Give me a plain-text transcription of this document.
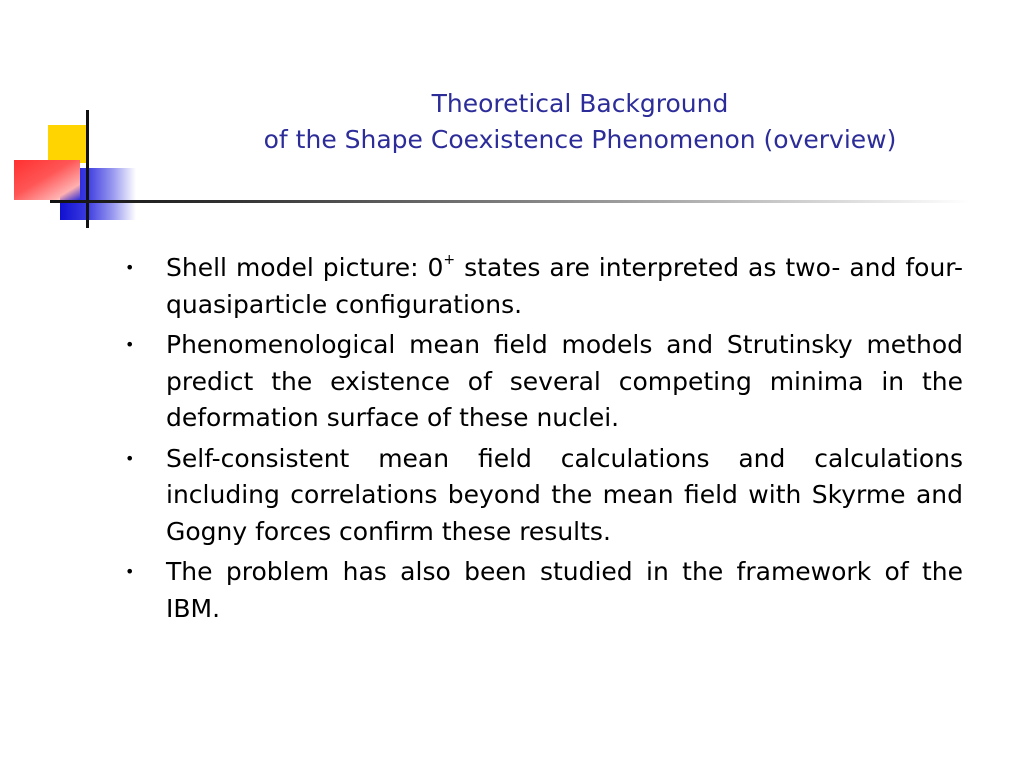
Theoretical Background
of the Shape Coexistence Phenomenon (overview)
• Shell model picture: 0+ states are interpreted as two- and four-quasiparticle configurations.
• Phenomenological mean field models and Strutinsky method predict the existence of several competing minima in the deformation surface of these nuclei.
• Self-consistent mean field calculations and calculations including correlations beyond the mean field with Skyrme and Gogny forces confirm these results.
• The problem has also been studied in the framework of the IBM.
